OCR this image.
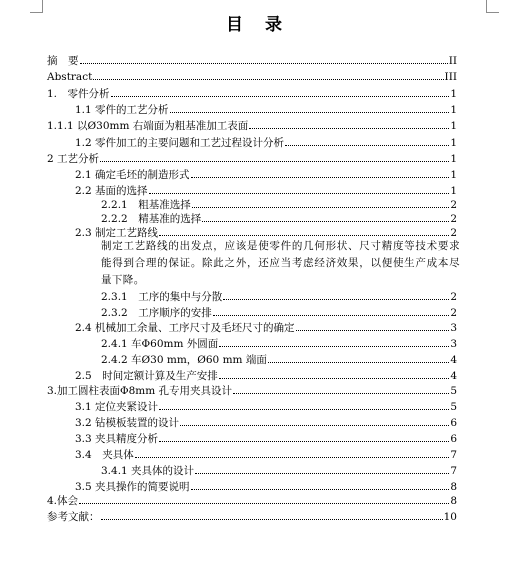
目 录
摘　要	II
Abstract	III
1.　零件分析	1
1.1 零件的工艺分析	1
1.1.1 以Ø30mm 右端面为粗基准加工表面	1
1.2 零件加工的主要问题和工艺过程设计分析	1
2 工艺分析	1
2.1 确定毛坯的制造形式	1
2.2 基面的选择	1
2.2.1　粗基准选择	2
2.2.2　精基准的选择	2
2.3 制定工艺路线	2
制定工艺路线的出发点，应该是使零件的几何形状、尺寸精度等技术要求能得到合理的保证。除此之外，还应当考虑经济效果，以便使生产成本尽量下降。
2.3.1　工序的集中与分散	2
2.3.2　工序顺序的安排	2
2.4 机械加工余量、工序尺寸及毛坯尺寸的确定	3
2.4.1 车Φ60mm 外圆面	3
2.4.2 车Ø30 mm，Ø60 mm 端面	4
2.5　时间定额计算及生产安排	4
3.加工圆柱表面Φ8mm 孔专用夹具设计	5
3.1 定位夹紧设计	5
3.2 钻模板装置的设计	6
3.3 夹具精度分析	6
3.4　夹具体	7
3.4.1 夹具体的设计	7
3.5 夹具操作的简要说明	8
4.体会	8
参考文献：	10
